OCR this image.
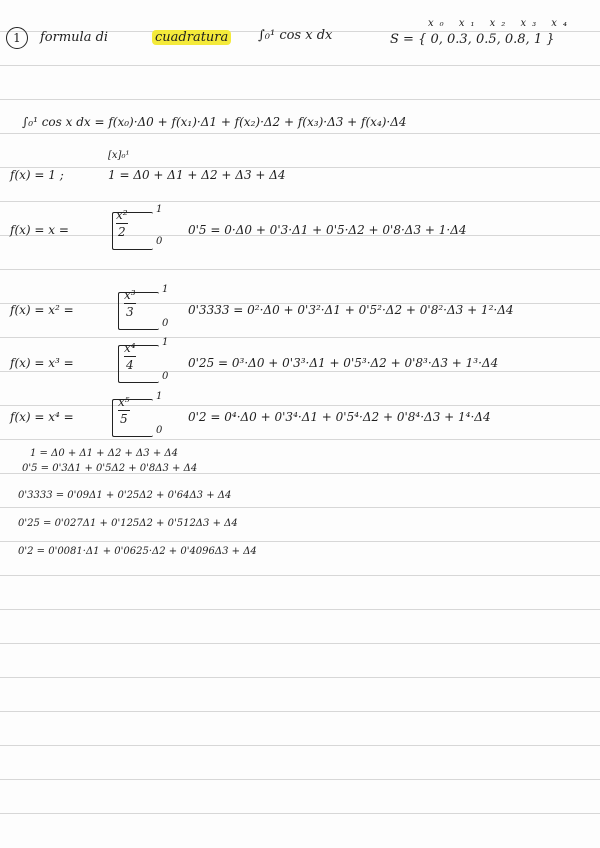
1	formula di	cuadratura ∫₀¹ cos x dx
x₀ x₁ x₂ x₃ x₄
S = { 0, 0.3, 0.5, 0.8, 1 }
∫₀¹ cos x dx = f(x₀)·Δ0 + f(x₁)·Δ1 + f(x₂)·Δ2 + f(x₃)·Δ3 + f(x₄)·Δ4
[x]₀¹
f(x) = 1 ;	1 = Δ0 + Δ1 + Δ2 + Δ3 + Δ4
f(x) = x =
x²
2
1
0
0'5 = 0·Δ0 + 0'3·Δ1 + 0'5·Δ2 + 0'8·Δ3 + 1·Δ4
f(x) = x² =
x³
3
1
0
0'3333 = 0²·Δ0 + 0'3²·Δ1 + 0'5²·Δ2 + 0'8²·Δ3 + 1²·Δ4
f(x) = x³ =
x⁴
4
1
0
0'25 = 0³·Δ0 + 0'3³·Δ1 + 0'5³·Δ2 + 0'8³·Δ3 + 1³·Δ4
f(x) = x⁴ =
x⁵
5
1
0
0'2 = 0⁴·Δ0 + 0'3⁴·Δ1 + 0'5⁴·Δ2 + 0'8⁴·Δ3 + 1⁴·Δ4
1 = Δ0 + Δ1 + Δ2 + Δ3 + Δ4
0'5 = 0'3Δ1 + 0'5Δ2 + 0'8Δ3 + Δ4
0'3333 = 0'09Δ1 + 0'25Δ2 + 0'64Δ3 + Δ4
0'25 = 0'027Δ1 + 0'125Δ2 + 0'512Δ3 + Δ4
0'2 = 0'0081·Δ1 + 0'0625·Δ2 + 0'4096Δ3 + Δ4
